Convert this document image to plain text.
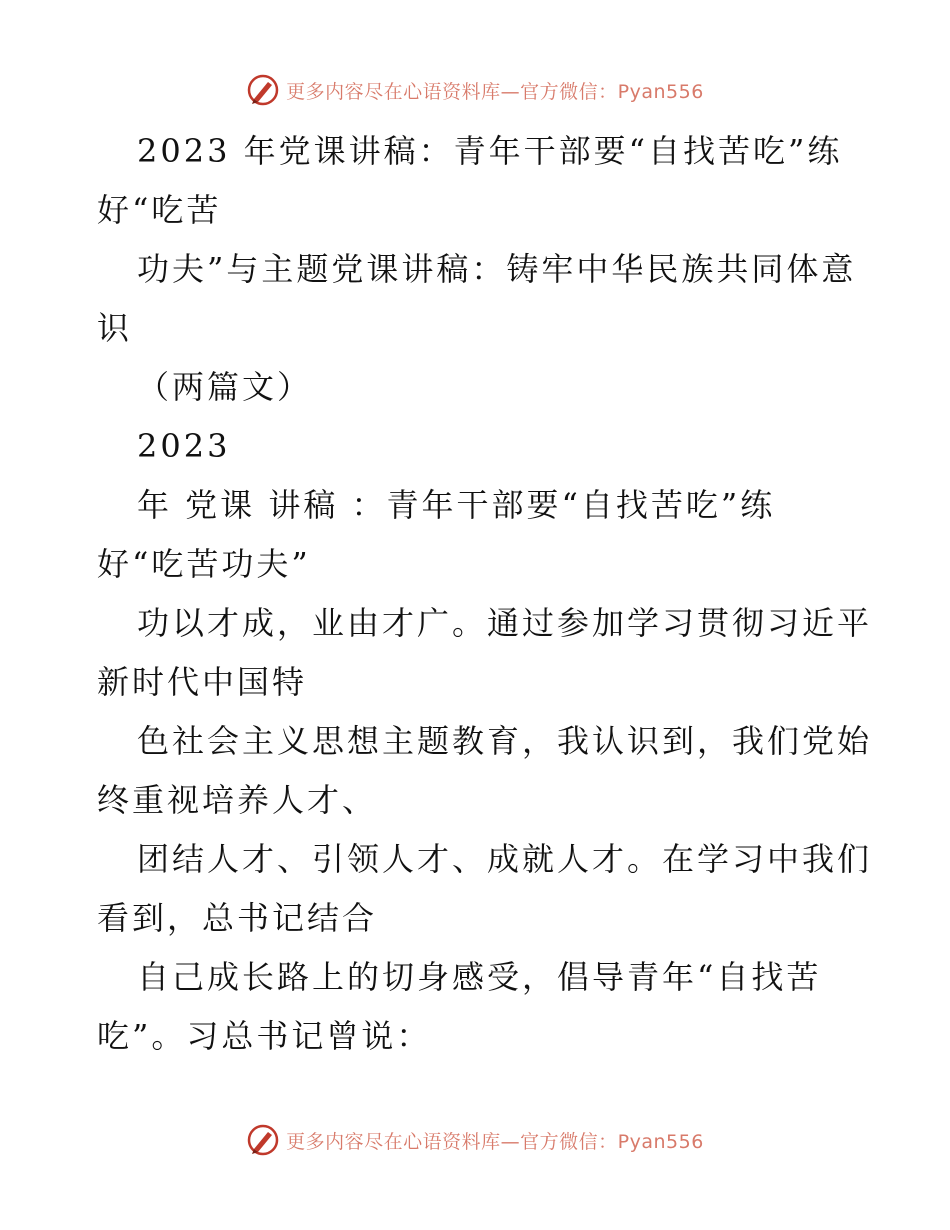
更多内容尽在心语资料库—官方微信：Pyan556
2023 年党课讲稿：青年干部要“自找苦吃”练
好“吃苦
功夫”与主题党课讲稿：铸牢中华民族共同体意
识
（两篇文）
2023
年 党课 讲稿 ：青年干部要“自找苦吃”练
好“吃苦功夫”
功以才成，业由才广。通过参加学习贯彻习近平
新时代中国特
色社会主义思想主题教育，我认识到，我们党始
终重视培养人才、
团结人才、引领人才、成就人才。在学习中我们
看到，总书记结合
自己成长路上的切身感受，倡导青年“自找苦
吃”。习总书记曾说：
更多内容尽在心语资料库—官方微信：Pyan556
